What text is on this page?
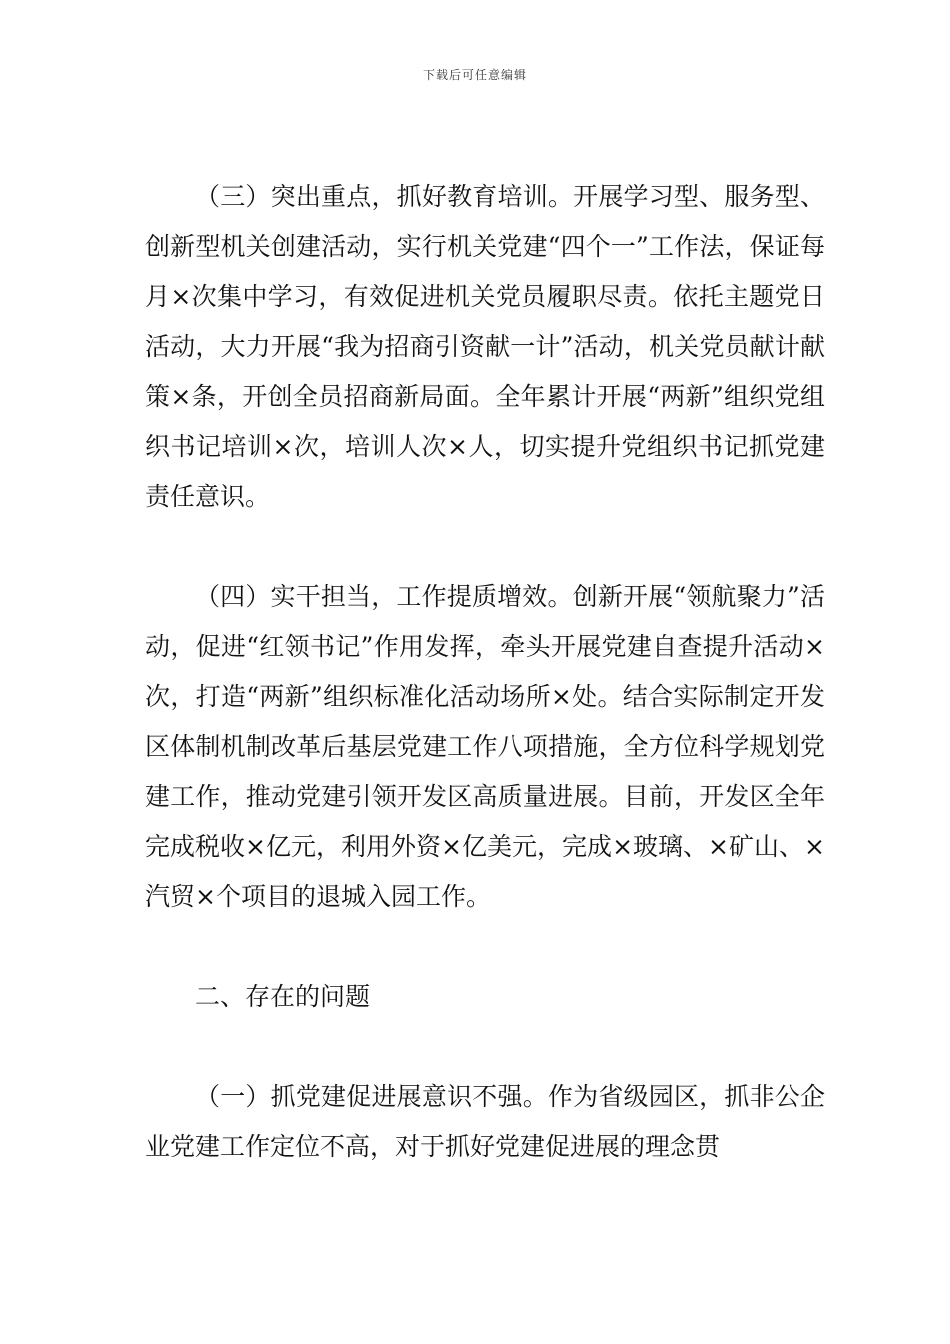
下载后可任意编辑

（三）突出重点，抓好教育培训。开展学习型、服务型、创新型机关创建活动，实行机关党建“四个一”工作法，保证每月×次集中学习，有效促进机关党员履职尽责。依托主题党日活动，大力开展“我为招商引资献一计”活动，机关党员献计献策×条，开创全员招商新局面。全年累计开展“两新”组织党组织书记培训×次，培训人次×人，切实提升党组织书记抓党建责任意识。

（四）实干担当，工作提质增效。创新开展“领航聚力”活动，促进“红领书记”作用发挥，牵头开展党建自查提升活动×次，打造“两新”组织标准化活动场所×处。结合实际制定开发区体制机制改革后基层党建工作八项措施，全方位科学规划党建工作，推动党建引领开发区高质量进展。目前，开发区全年完成税收×亿元，利用外资×亿美元，完成×玻璃、×矿山、×汽贸×个项目的退城入园工作。

二、存在的问题

（一）抓党建促进展意识不强。作为省级园区，抓非公企业党建工作定位不高，对于抓好党建促进展的理念贯
